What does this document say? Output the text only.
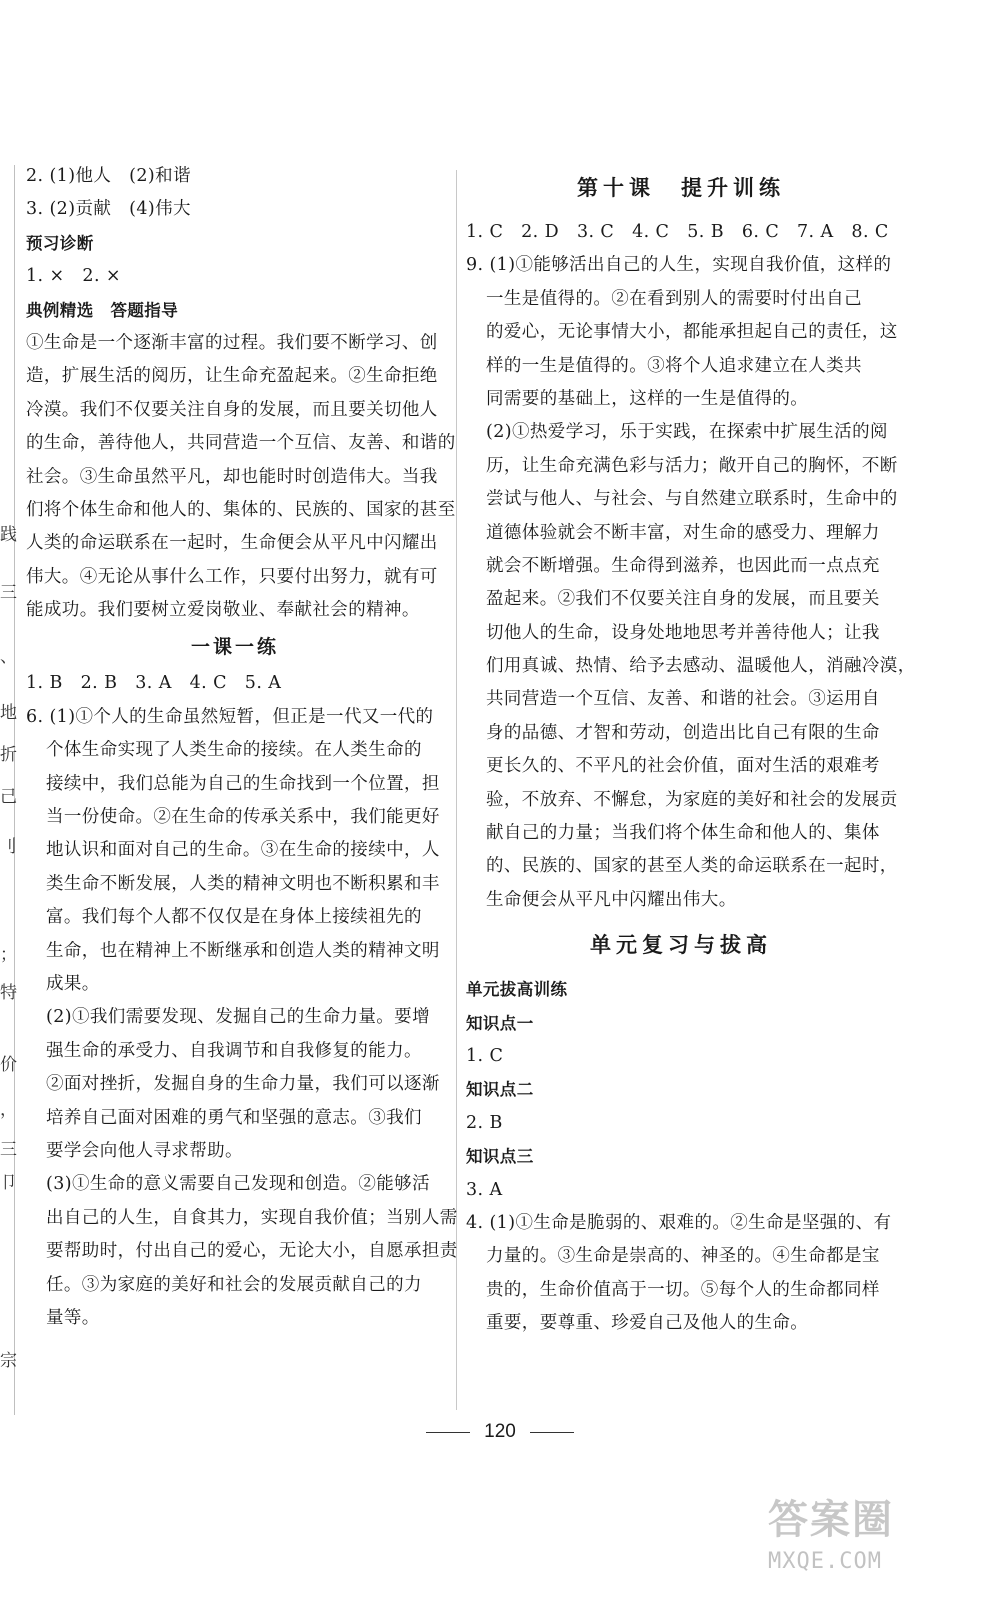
践
三
、
地
折
己
刂
；
特
价
，
三
卩
宗
2. (1)他人　(2)和谐
3. (2)贡献　(4)伟大
预习诊断
1. ×　2. ×
典例精选　答题指导
①生命是一个逐渐丰富的过程。我们要不断学习、创
造，扩展生活的阅历，让生命充盈起来。②生命拒绝
冷漠。我们不仅要关注自身的发展，而且要关切他人
的生命，善待他人，共同营造一个互信、友善、和谐的
社会。③生命虽然平凡，却也能时时创造伟大。当我
们将个体生命和他人的、集体的、民族的、国家的甚至
人类的命运联系在一起时，生命便会从平凡中闪耀出
伟大。④无论从事什么工作，只要付出努力，就有可
能成功。我们要树立爱岗敬业、奉献社会的精神。
一课一练
1. B　2. B　3. A　4. C　5. A
6. (1)①个人的生命虽然短暂，但正是一代又一代的
个体生命实现了人类生命的接续。在人类生命的
接续中，我们总能为自己的生命找到一个位置，担
当一份使命。②在生命的传承关系中，我们能更好
地认识和面对自己的生命。③在生命的接续中，人
类生命不断发展，人类的精神文明也不断积累和丰
富。我们每个人都不仅仅是在身体上接续祖先的
生命，也在精神上不断继承和创造人类的精神文明
成果。
(2)①我们需要发现、发掘自己的生命力量。要增
强生命的承受力、自我调节和自我修复的能力。
②面对挫折，发掘自身的生命力量，我们可以逐渐
培养自己面对困难的勇气和坚强的意志。③我们
要学会向他人寻求帮助。
(3)①生命的意义需要自己发现和创造。②能够活
出自己的人生，自食其力，实现自我价值；当别人需
要帮助时，付出自己的爱心，无论大小，自愿承担责
任。③为家庭的美好和社会的发展贡献自己的力
量等。
第十课　提升训练
1. C　2. D　3. C　4. C　5. B　6. C　7. A　8. C
9. (1)①能够活出自己的人生，实现自我价值，这样的
一生是值得的。②在看到别人的需要时付出自己
的爱心，无论事情大小，都能承担起自己的责任，这
样的一生是值得的。③将个人追求建立在人类共
同需要的基础上，这样的一生是值得的。
(2)①热爱学习，乐于实践，在探索中扩展生活的阅
历，让生命充满色彩与活力；敞开自己的胸怀，不断
尝试与他人、与社会、与自然建立联系时，生命中的
道德体验就会不断丰富，对生命的感受力、理解力
就会不断增强。生命得到滋养，也因此而一点点充
盈起来。②我们不仅要关注自身的发展，而且要关
切他人的生命，设身处地地思考并善待他人；让我
们用真诚、热情、给予去感动、温暖他人，消融冷漠，
共同营造一个互信、友善、和谐的社会。③运用自
身的品德、才智和劳动，创造出比自己有限的生命
更长久的、不平凡的社会价值，面对生活的艰难考
验，不放弃、不懈怠，为家庭的美好和社会的发展贡
献自己的力量；当我们将个体生命和他人的、集体
的、民族的、国家的甚至人类的命运联系在一起时，
生命便会从平凡中闪耀出伟大。
单元复习与拔高
单元拔高训练
知识点一
1. C
知识点二
2. B
知识点三
3. A
4. (1)①生命是脆弱的、艰难的。②生命是坚强的、有
力量的。③生命是崇高的、神圣的。④生命都是宝
贵的，生命价值高于一切。⑤每个人的生命都同样
重要，要尊重、珍爱自己及他人的生命。
120
答案圈
MXQE.COM
